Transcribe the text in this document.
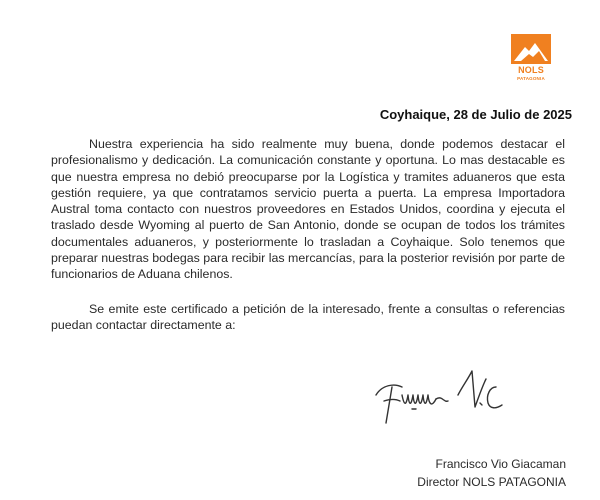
NOLS
PATAGONIA
Coyhaique, 28 de Julio de 2025

Nuestra experiencia ha sido realmente muy buena, donde podemos destacar el profesionalismo y dedicación. La comunicación constante y oportuna. Lo mas destacable es que nuestra empresa no debió preocuparse por la Logística y tramites aduaneros que esta gestión requiere, ya que contratamos servicio puerta a puerta. La empresa Importadora Austral toma contacto con nuestros proveedores en Estados Unidos, coordina y ejecuta el traslado desde Wyoming al puerto de San Antonio, donde se ocupan de todos los trámites documentales aduaneros, y posteriormente lo trasladan a Coyhaique. Solo tenemos que preparar nuestras bodegas para recibir las mercancías, para la posterior revisión por parte de funcionarios de Aduana chilenos.

Se emite este certificado a petición de la interesado, frente a consultas o referencias puedan contactar directamente a:

Francisco Vio Giacaman
Director NOLS PATAGONIA
